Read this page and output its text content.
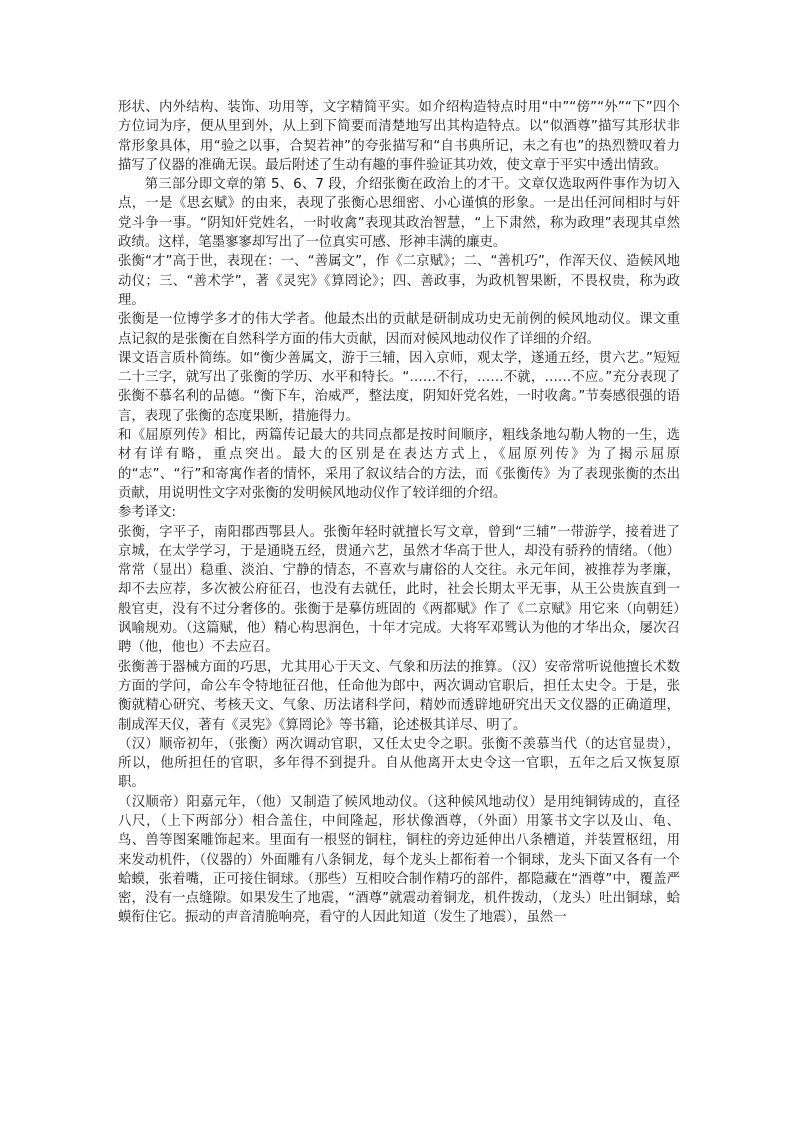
形状、内外结构、装饰、功用等，文字精简平实。如介绍构造特点时用“中”“傍”“外”“下”四个方位词为序，便从里到外，从上到下简要而清楚地写出其构造特点。以“似酒尊”描写其形状非常形象具体，用“验之以事，合契若神”的夸张描写和“自书典所记，未之有也”的热烈赞叹着力描写了仪器的准确无误。最后附述了生动有趣的事件验证其功效，使文章于平实中透出情致。

第三部分即文章的第 5、6、7 段，介绍张衡在政治上的才干。文章仅选取两件事作为切入点，一是《思玄赋》的由来，表现了张衡心思细密、小心谨慎的形象。一是出任河间相时与奸党斗争一事。“阴知奸党姓名，一时收禽”表现其政治智慧，“上下肃然，称为政理”表现其卓然政绩。这样，笔墨寥寥却写出了一位真实可感、形神丰满的廉吏。

张衡“才”高于世，表现在：一、“善属文”，作《二京赋》；二、“善机巧”，作浑天仪、造候风地动仪；三、“善术学”，著《灵宪》《算罔论》；四、善政事，为政机智果断，不畏权贵，称为政理。

张衡是一位博学多才的伟大学者。他最杰出的贡献是研制成功史无前例的候风地动仪。课文重点记叙的是张衡在自然科学方面的伟大贡献，因而对候风地动仪作了详细的介绍。

课文语言质朴简练。如“衡少善属文，游于三辅，因入京师，观太学，遂通五经，贯六艺。”短短二十三字，就写出了张衡的学历、水平和特长。“……不行，……不就，……不应。”充分表现了张衡不慕名利的品德。“衡下车，治威严，整法度，阴知奸党名姓，一时收禽。”节奏感很强的语言，表现了张衡的态度果断，措施得力。

和《屈原列传》相比，两篇传记最大的共同点都是按时间顺序，粗线条地勾勒人物的一生，选材有详有略，重点突出。最大的区别是在表达方式上，《屈原列传》为了揭示屈原的“志”、“行”和寄寓作者的情怀，采用了叙议结合的方法，而《张衡传》为了表现张衡的杰出贡献，用说明性文字对张衡的发明候风地动仪作了较详细的介绍。

参考译文:

张衡，字平子，南阳郡西鄂县人。张衡年轻时就擅长写文章，曾到“三辅”一带游学，接着进了京城，在太学学习，于是通晓五经，贯通六艺，虽然才华高于世人，却没有骄矜的情绪。（他）常常（显出）稳重、淡泊、宁静的情态，不喜欢与庸俗的人交往。永元年间，被推荐为孝廉，却不去应荐，多次被公府征召，也没有去就任，此时，社会长期太平无事，从王公贵族直到一般官吏，没有不过分奢侈的。张衡于是摹仿班固的《两都赋》作了《二京赋》用它来（向朝廷）讽喻规劝。（这篇赋，他）精心构思润色，十年才完成。大将军邓骘认为他的才华出众，屡次召聘（他，他也）不去应召。

张衡善于器械方面的巧思，尤其用心于天文、气象和历法的推算。（汉）安帝常听说他擅长术数方面的学问，命公车令特地征召他，任命他为郎中，两次调动官职后，担任太史令。于是，张衡就精心研究、考核天文、气象、历法诸科学问，精妙而透辟地研究出天文仪器的正确道理，制成浑天仪，著有《灵宪》《算罔论》等书籍，论述极其详尽、明了。

（汉）顺帝初年，（张衡）两次调动官职，又任太史令之职。张衡不羡慕当代（的达官显贵），所以，他所担任的官职，多年得不到提升。自从他离开太史令这一官职，五年之后又恢复原职。

（汉顺帝）阳嘉元年，（他）又制造了候风地动仪。（这种候风地动仪）是用纯铜铸成的，直径八尺，（上下两部分）相合盖住，中间隆起，形状像酒尊，（外面）用篆书文字以及山、龟、鸟、兽等图案雕饰起来。里面有一根竖的铜柱，铜柱的旁边延伸出八条槽道，并装置枢纽，用来发动机件，（仪器的）外面雕有八条铜龙，每个龙头上都衔着一个铜球，龙头下面又各有一个蛤蟆，张着嘴，正可接住铜球。（那些）互相咬合制作精巧的部件，都隐藏在“酒尊”中，覆盖严密，没有一点缝隙。如果发生了地震，“酒尊”就震动着铜龙，机件拨动，（龙头）吐出铜球，蛤蟆衔住它。振动的声音清脆响亮，看守的人因此知道（发生了地震），虽然一
